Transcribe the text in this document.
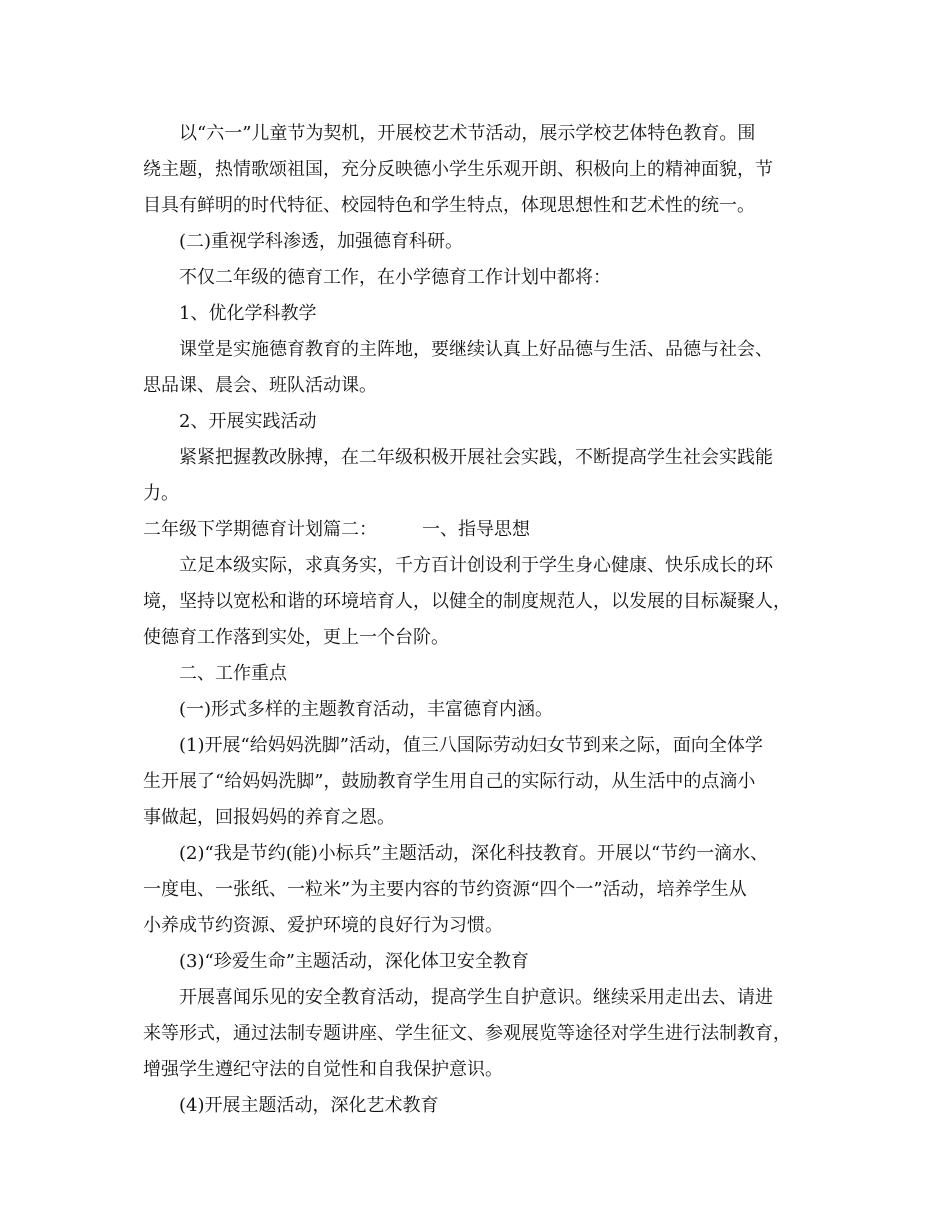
以“六一”儿童节为契机，开展校艺术节活动，展示学校艺体特色教育。围
绕主题，热情歌颂祖国，充分反映德小学生乐观开朗、积极向上的精神面貌，节
目具有鲜明的时代特征、校园特色和学生特点，体现思想性和艺术性的统一。
(二)重视学科渗透，加强德育科研。
不仅二年级的德育工作，在小学德育工作计划中都将：
1、优化学科教学
课堂是实施德育教育的主阵地，要继续认真上好品德与生活、品德与社会、
思品课、晨会、班队活动课。
2、开展实践活动
紧紧把握教改脉搏，在二年级积极开展社会实践，不断提高学生社会实践能
力。
二年级下学期德育计划篇二：　　　一、指导思想
立足本级实际，求真务实，千方百计创设利于学生身心健康、快乐成长的环
境，坚持以宽松和谐的环境培育人，以健全的制度规范人，以发展的目标凝聚人，
使德育工作落到实处，更上一个台阶。
二、工作重点
(一)形式多样的主题教育活动，丰富德育内涵。
(1)开展“给妈妈洗脚”活动，值三八国际劳动妇女节到来之际，面向全体学
生开展了“给妈妈洗脚”，鼓励教育学生用自己的实际行动，从生活中的点滴小
事做起，回报妈妈的养育之恩。
(2)“我是节约(能)小标兵”主题活动，深化科技教育。开展以“节约一滴水、
一度电、一张纸、一粒米”为主要内容的节约资源“四个一”活动，培养学生从
小养成节约资源、爱护环境的良好行为习惯。
(3)“珍爱生命”主题活动，深化体卫安全教育
开展喜闻乐见的安全教育活动，提高学生自护意识。继续采用走出去、请进
来等形式，通过法制专题讲座、学生征文、参观展览等途径对学生进行法制教育，
增强学生遵纪守法的自觉性和自我保护意识。
(4)开展主题活动，深化艺术教育
